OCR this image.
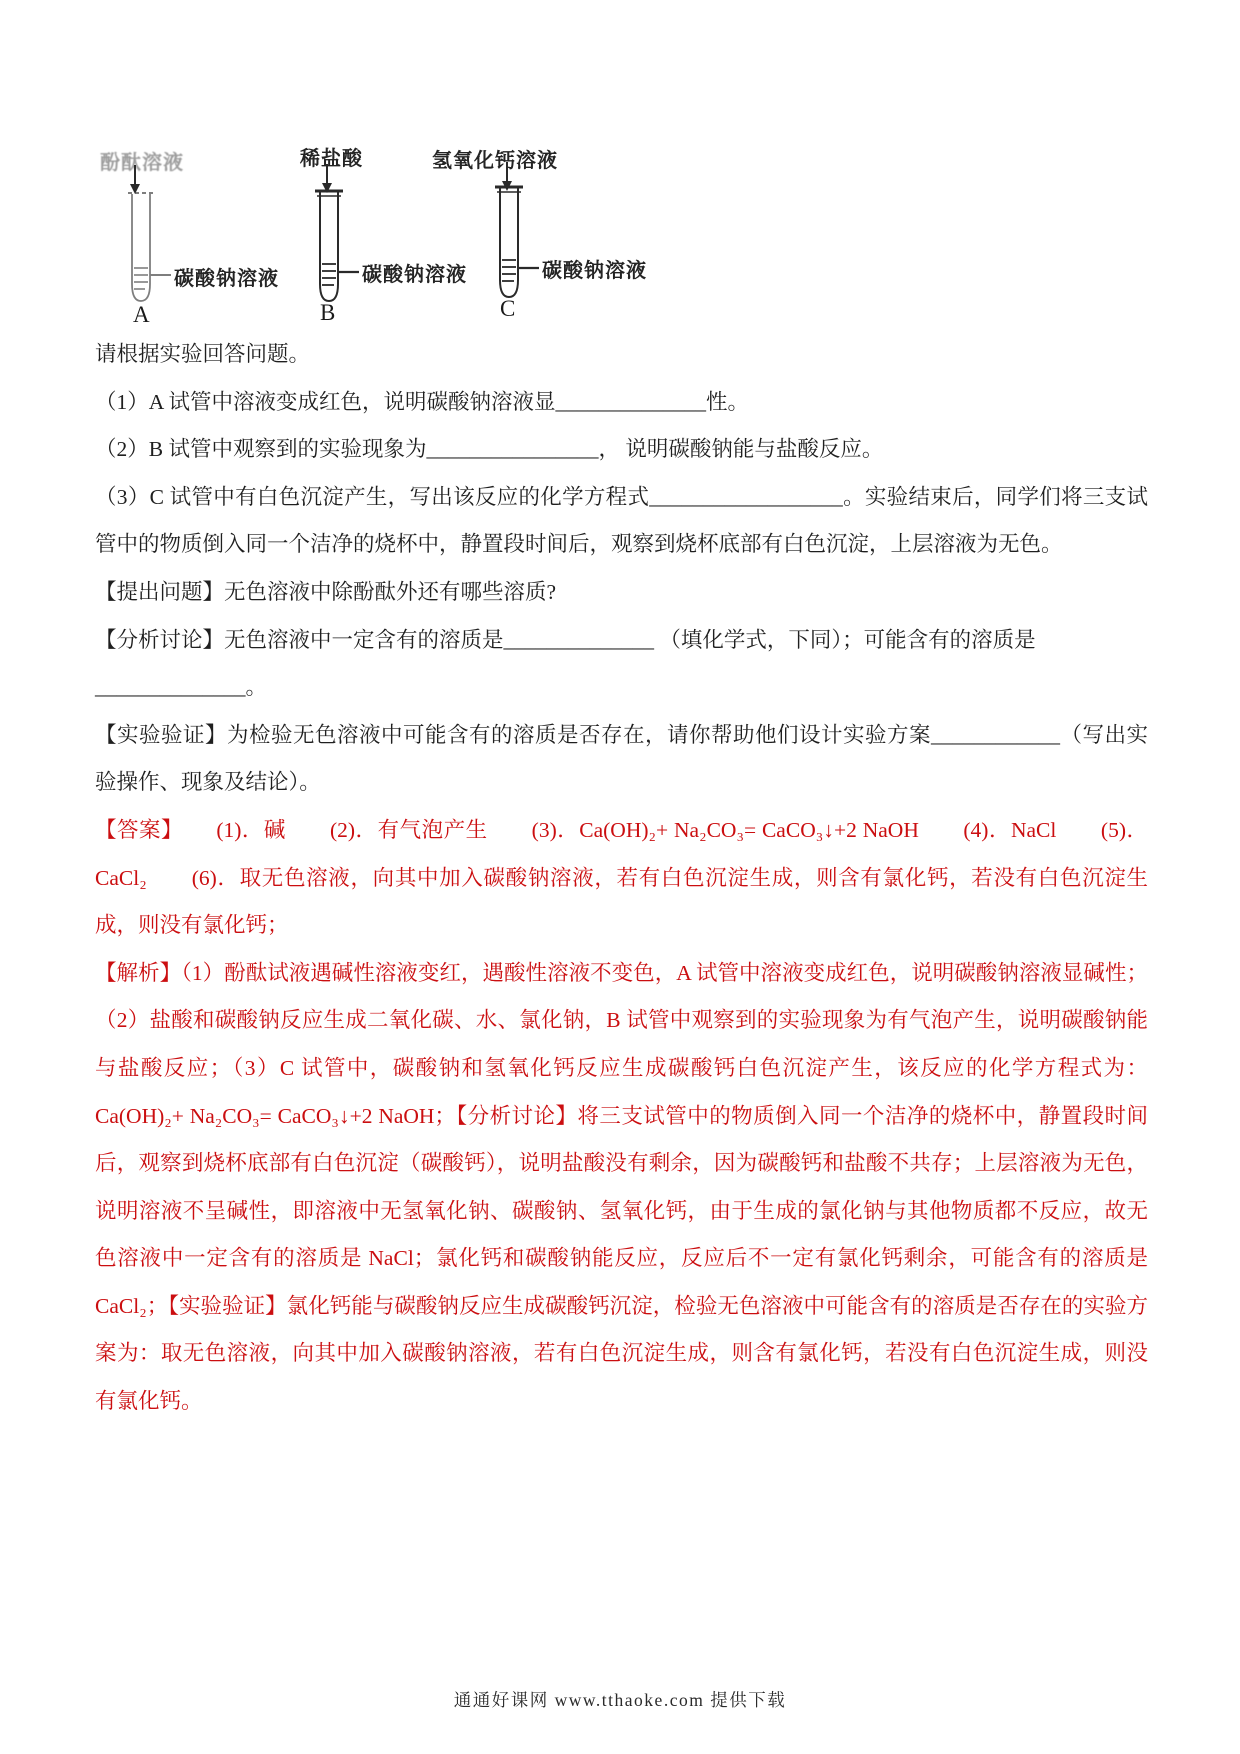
酚酞溶液
碳酸钠溶液
A
稀盐酸
碳酸钠溶液
B
氢氧化钙溶液
碳酸钠溶液
C

请根据实验回答问题。

（1）A 试管中溶液变成红色，说明碳酸钠溶液显______________性。

（2）B 试管中观察到的实验现象为________________， 说明碳酸钠能与盐酸反应。

（3）C 试管中有白色沉淀产生，写出该反应的化学方程式__________________。实验结束后，同学们将三支试管中的物质倒入同一个洁净的烧杯中，静置段时间后，观察到烧杯底部有白色沉淀，上层溶液为无色。

【提出问题】无色溶液中除酚酞外还有哪些溶质?

【分析讨论】无色溶液中一定含有的溶质是______________ （填化学式，下同）；可能含有的溶质是

______________。

【实验验证】为检验无色溶液中可能含有的溶质是否存在，请你帮助他们设计实验方案____________（写出实验操作、现象及结论）。

【答案】　　(1)．碱　　(2)．有气泡产生　　(3)．Ca(OH)₂+ Na₂CO₃= CaCO₃↓+2 NaOH　　(4)．NaCl　　(5)．CaCl₂　　(6)．取无色溶液，向其中加入碳酸钠溶液，若有白色沉淀生成，则含有氯化钙，若没有白色沉淀生成，则没有氯化钙；

【解析】（1）酚酞试液遇碱性溶液变红，遇酸性溶液不变色，A 试管中溶液变成红色，说明碳酸钠溶液显碱性；（2）盐酸和碳酸钠反应生成二氧化碳、水、氯化钠，B 试管中观察到的实验现象为有气泡产生，说明碳酸钠能与盐酸反应；（3）C 试管中，碳酸钠和氢氧化钙反应生成碳酸钙白色沉淀产生，该反应的化学方程式为：Ca(OH)₂+ Na₂CO₃= CaCO₃↓+2 NaOH；【分析讨论】将三支试管中的物质倒入同一个洁净的烧杯中，静置段时间后，观察到烧杯底部有白色沉淀（碳酸钙），说明盐酸没有剩余，因为碳酸钙和盐酸不共存；上层溶液为无色，说明溶液不呈碱性，即溶液中无氢氧化钠、碳酸钠、氢氧化钙，由于生成的氯化钠与其他物质都不反应，故无色溶液中一定含有的溶质是 NaCl；氯化钙和碳酸钠能反应，反应后不一定有氯化钙剩余，可能含有的溶质是 CaCl₂；【实验验证】氯化钙能与碳酸钠反应生成碳酸钙沉淀，检验无色溶液中可能含有的溶质是否存在的实验方案为：取无色溶液，向其中加入碳酸钠溶液，若有白色沉淀生成，则含有氯化钙，若没有白色沉淀生成，则没有氯化钙。

通通好课网 www.tthaoke.com 提供下载
